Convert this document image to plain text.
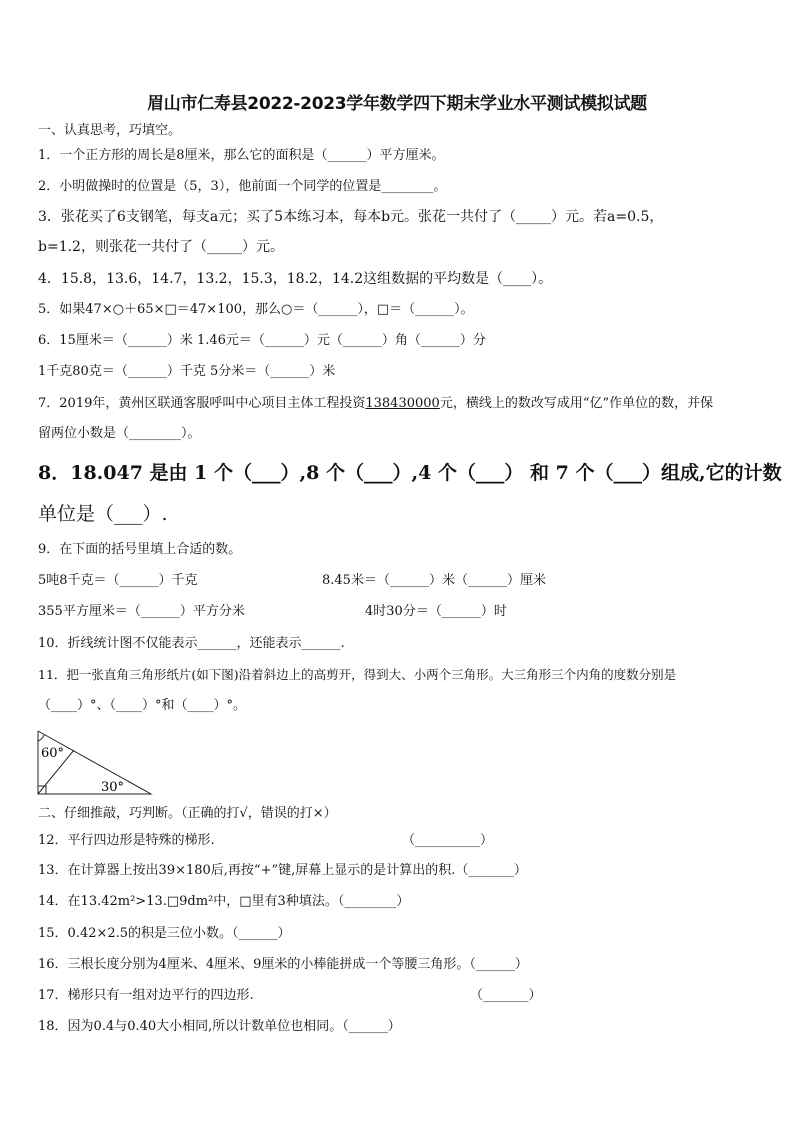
眉山市仁寿县2022-2023学年数学四下期末学业水平测试模拟试题
一、认真思考，巧填空。
1．一个正方形的周长是8厘米，那么它的面积是（______）平方厘米。
2．小明做操时的位置是（5，3），他前面一个同学的位置是________。
3．张花买了6支钢笔，每支a元；买了5本练习本，每本b元。张花一共付了（_____）元。若a=0.5，
b=1.2，则张花一共付了（_____）元。
4．15.8，13.6，14.7，13.2，15.3，18.2，14.2这组数据的平均数是（____）。
5．如果47×○＋65×□＝47×100，那么○＝（______），□＝（______）。
6．15厘米＝（______）米 1.46元＝（______）元（______）角（______）分
1千克80克＝（______）千克 5分米＝（______）米
7．2019年，黄州区联通客服呼叫中心项目主体工程投资138430000元，横线上的数改写成用“亿”作单位的数，并保
留两位小数是（________）。
8．18.047 是由 1 个（___）,8 个（___）,4 个（___） 和 7 个（___）组成,它的计数
单位是（___）.
9．在下面的括号里填上合适的数。
5吨8千克＝（______）千克	8.45米＝（______）米（______）厘米
355平方厘米＝（______）平方分米	4时30分＝（______）时
10．折线统计图不仅能表示______，还能表示______.
11．把一张直角三角形纸片(如下图)沿着斜边上的高剪开，得到大、小两个三角形。大三角形三个内角的度数分别是
（____）°、（____）°和（____）°。
60°
30°
二、仔细推敲，巧判断。（正确的打√，错误的打×）
12．平行四边形是特殊的梯形.	（__________）
13．在计算器上按出39×180后,再按“+”键,屏幕上显示的是计算出的积.（_______）
14．在13.42m²>13.□9dm²中，□里有3种填法。（________）
15．0.42×2.5的积是三位小数。（______）
16．三根长度分别为4厘米、4厘米、9厘米的小棒能拼成一个等腰三角形。（______）
17．梯形只有一组对边平行的四边形.	（_______）
18．因为0.4与0.40大小相同,所以计数单位也相同。（______）
